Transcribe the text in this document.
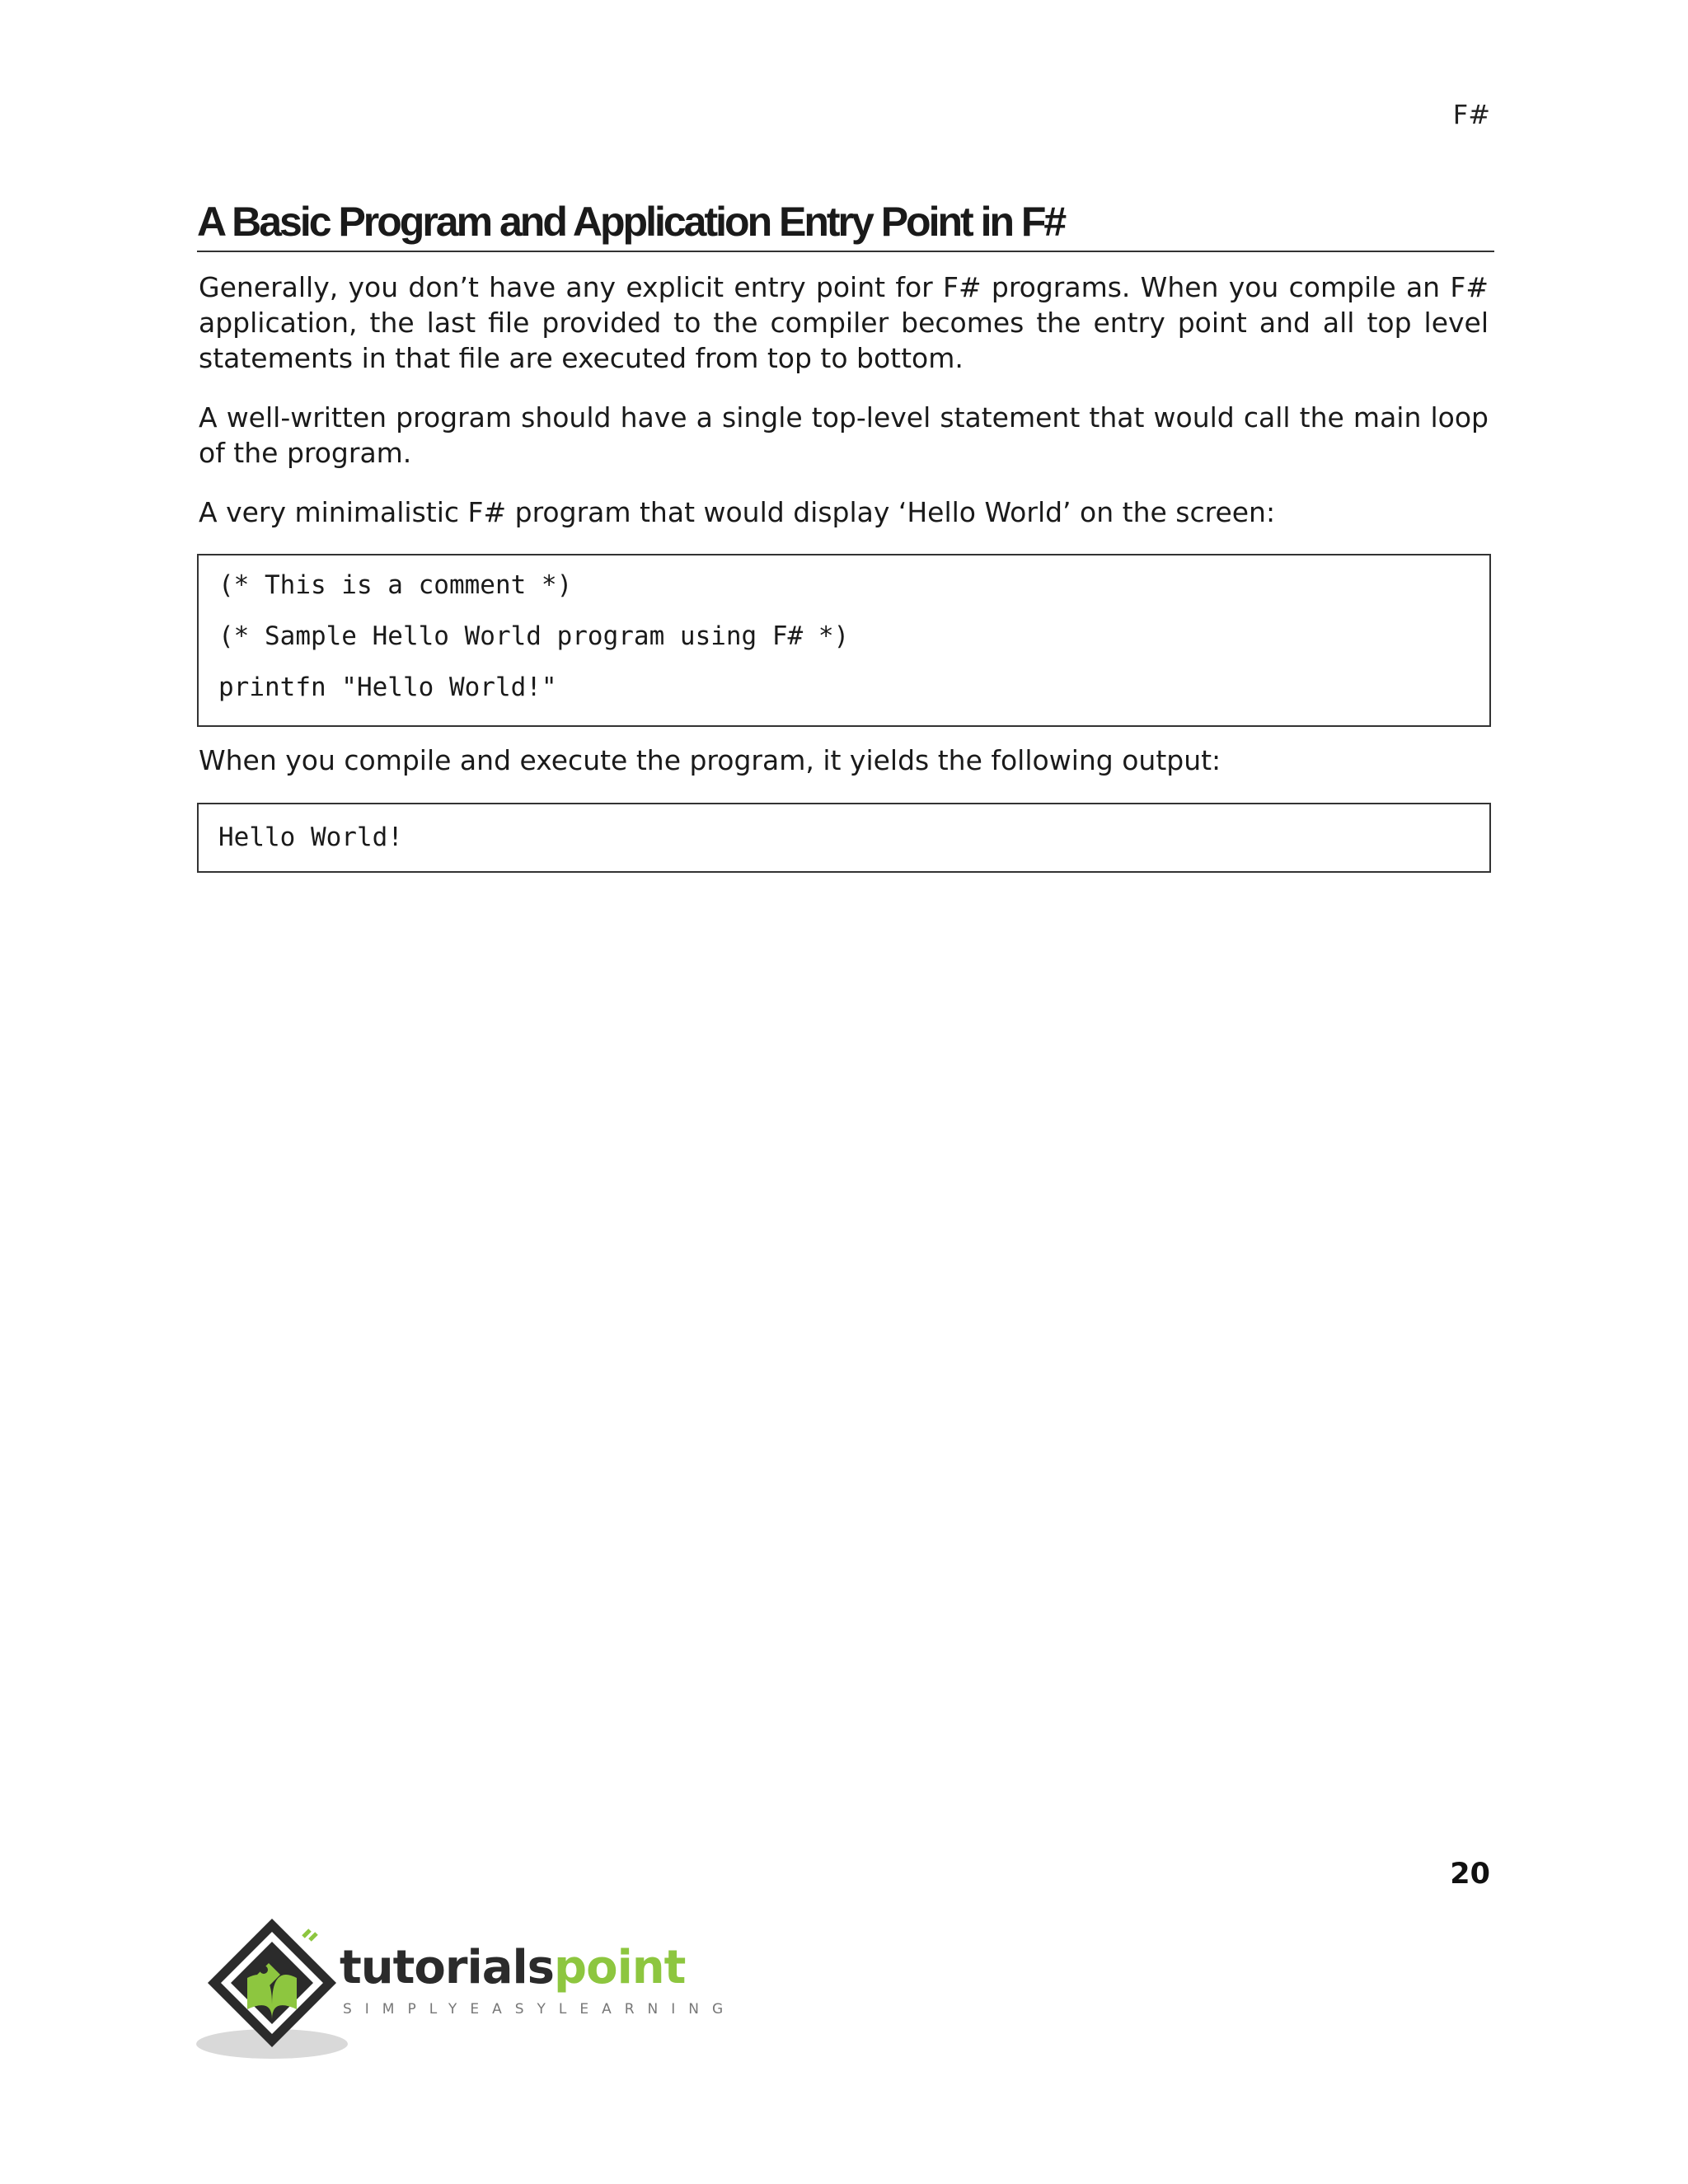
F#
A Basic Program and Application Entry Point in F#

Generally, you don’t have any explicit entry point for F# programs. When you compile an F# application, the last file provided to the compiler becomes the entry point and all top level statements in that file are executed from top to bottom.

A well-written program should have a single top-level statement that would call the main loop of the program.

A very minimalistic F# program that would display ‘Hello World’ on the screen:

(* This is a comment *)
(* Sample Hello World program using F# *)
printfn "Hello World!"

When you compile and execute the program, it yields the following output:

Hello World!
20
tutorialspoint
SIMPLYEASYLEARNING
